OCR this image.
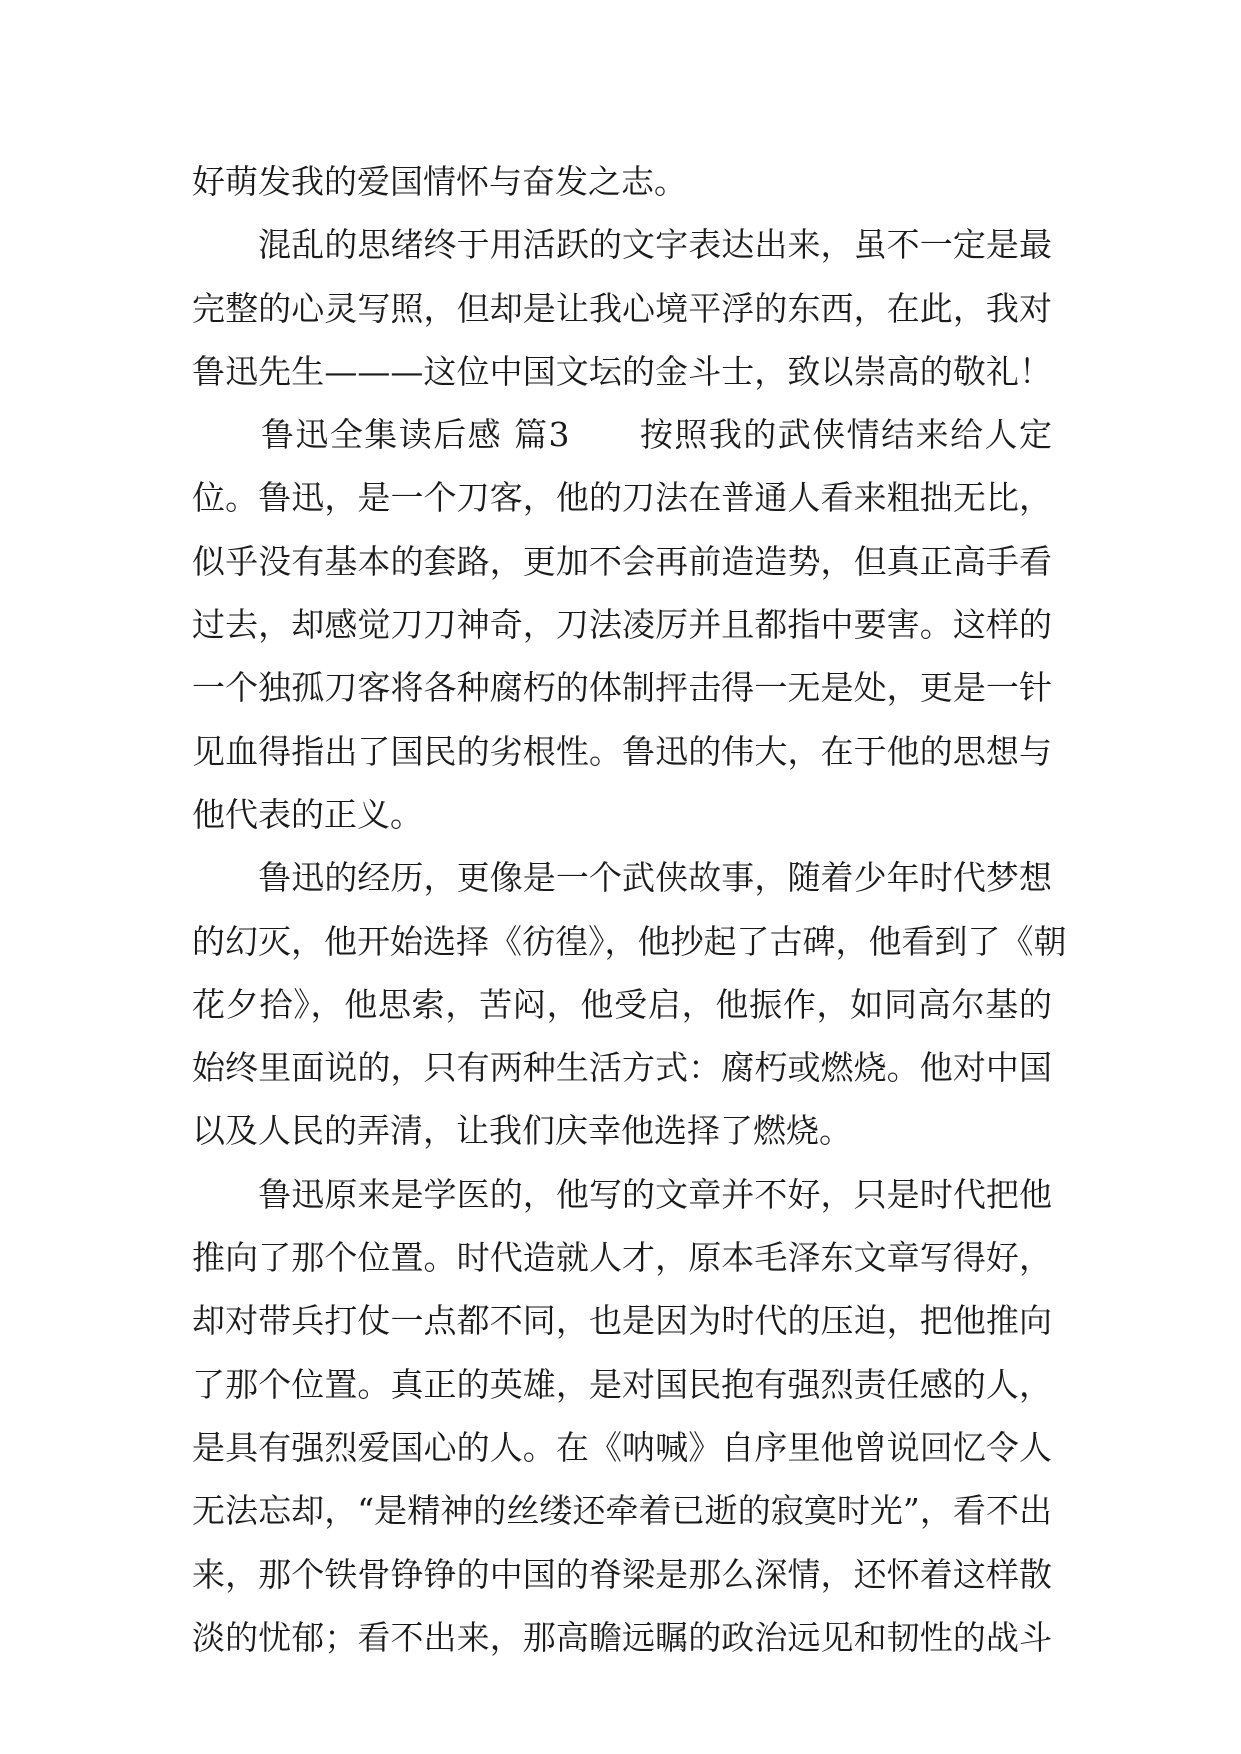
好萌发我的爱国情怀与奋发之志。
　　混乱的思绪终于用活跃的文字表达出来，虽不一定是最
完整的心灵写照，但却是让我心境平浮的东西，在此，我对
鲁迅先生———这位中国文坛的金斗士，致以崇高的敬礼！
　　鲁迅全集读后感 篇3　　按照我的武侠情结来给人定
位。鲁迅，是一个刀客，他的刀法在普通人看来粗拙无比，
似乎没有基本的套路，更加不会再前造造势，但真正高手看
过去，却感觉刀刀神奇，刀法凌厉并且都指中要害。这样的
一个独孤刀客将各种腐朽的体制抨击得一无是处，更是一针
见血得指出了国民的劣根性。鲁迅的伟大，在于他的思想与
他代表的正义。
　　鲁迅的经历，更像是一个武侠故事，随着少年时代梦想
的幻灭，他开始选择《彷徨》，他抄起了古碑，他看到了《朝
花夕拾》，他思索，苦闷，他受启，他振作，如同高尔基的
始终里面说的，只有两种生活方式：腐朽或燃烧。他对中国
以及人民的弄清，让我们庆幸他选择了燃烧。
　　鲁迅原来是学医的，他写的文章并不好，只是时代把他
推向了那个位置。时代造就人才，原本毛泽东文章写得好，
却对带兵打仗一点都不同，也是因为时代的压迫，把他推向
了那个位置。真正的英雄，是对国民抱有强烈责任感的人，
是具有强烈爱国心的人。在《呐喊》自序里他曾说回忆令人
无法忘却，“是精神的丝缕还牵着已逝的寂寞时光”，看不出
来，那个铁骨铮铮的中国的脊梁是那么深情，还怀着这样散
淡的忧郁；看不出来，那高瞻远瞩的政治远见和韧性的战斗
